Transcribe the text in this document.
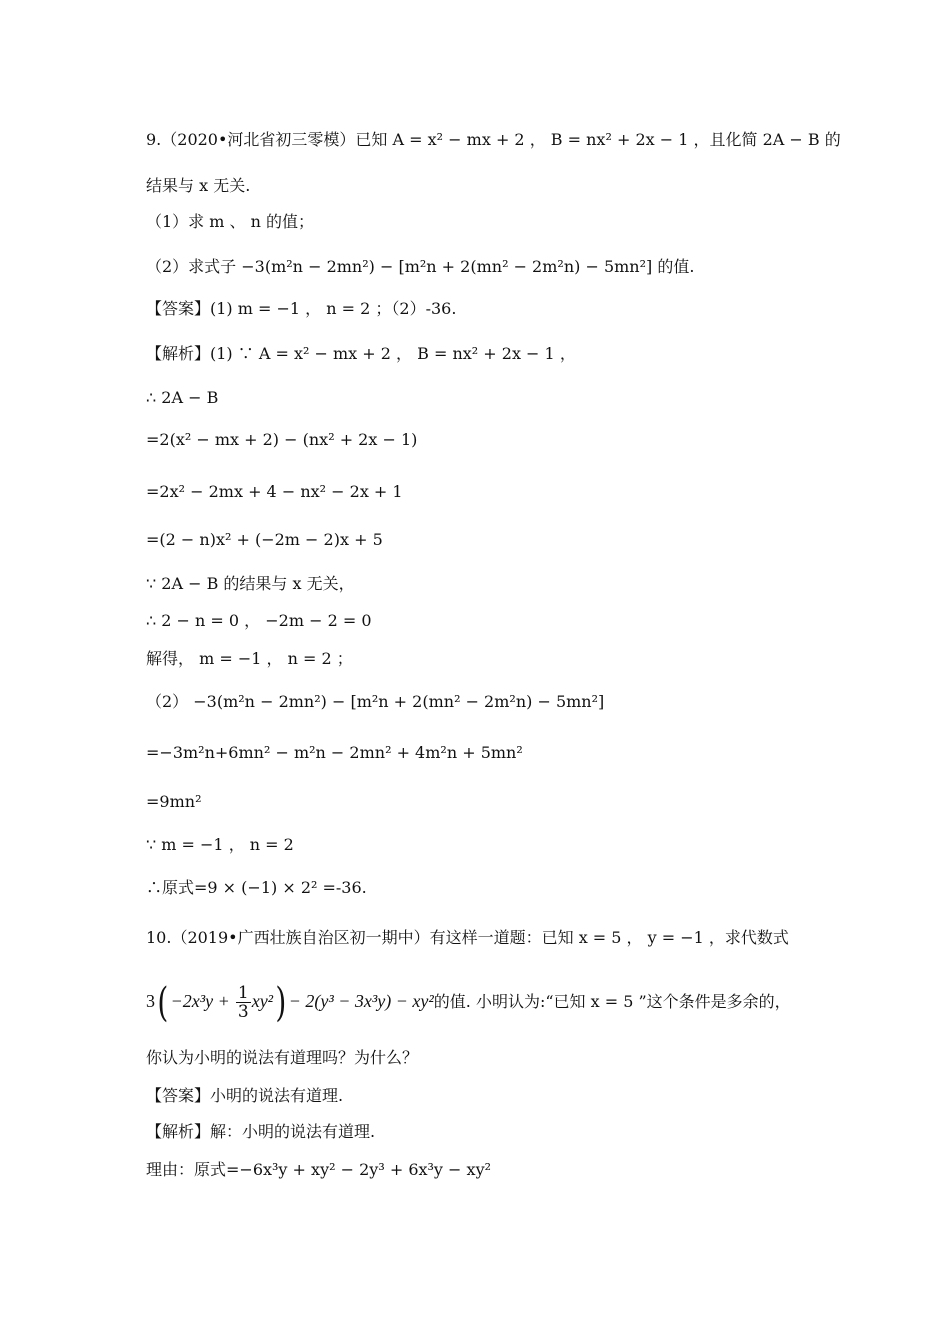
9.（2020•河北省初三零模）已知 A = x² − mx + 2 ， B = nx² + 2x − 1 ，且化简 2A − B 的
结果与 x 无关.
（1）求 m 、 n 的值；
（2）求式子 −3(m²n − 2mn²) − [m²n + 2(mn² − 2m²n) − 5mn²] 的值.
【答案】(1) m = −1 ， n = 2 ；（2）-36.
【解析】(1) ∵ A = x² − mx + 2 ， B = nx² + 2x − 1 ，
∴ 2A − B
=2(x² − mx + 2) − (nx² + 2x − 1)
=2x² − 2mx + 4 − nx² − 2x + 1
=(2 − n)x² + (−2m − 2)x + 5
∵ 2A − B 的结果与 x 无关，
∴ 2 − n = 0 ， −2m − 2 = 0
解得， m = −1 ， n = 2 ；
（2） −3(m²n − 2mn²) − [m²n + 2(mn² − 2m²n) − 5mn²]
=−3m²n+6mn² − m²n − 2mn² + 4m²n + 5mn²
=9mn²
∵ m = −1 ， n = 2
∴原式=9 × (−1) × 2² =-36.
10.（2019•广西壮族自治区初一期中）有这样一道题：已知 x = 5 ， y = −1 ，求代数式
你认为小明的说法有道理吗？为什么？
【答案】小明的说法有道理.
【解析】解：小明的说法有道理.
理由：原式=−6x³y + xy² − 2y³ + 6x³y − xy²
$3( -2x^3y + \frac{1}{3} xy^2) - 2(y^3 - 3x^3y) - xy^2$的值. 小明认为:“已知 x = 5 ”这个条件是多余的，
